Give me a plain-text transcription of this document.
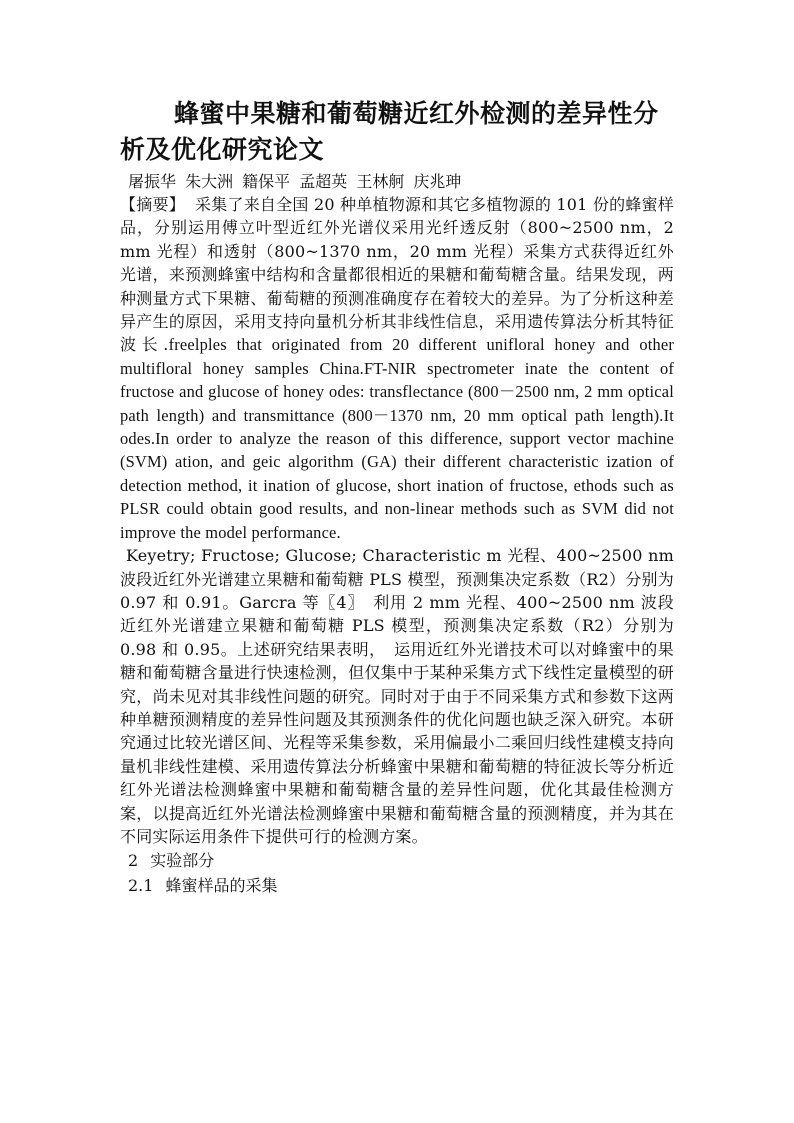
蜂蜜中果糖和葡萄糖近红外检测的差异性分析及优化研究论文

屠振华 朱大洲 籍保平 孟超英 王林舸 庆兆珅

【摘要】 采集了来自全国 20 种单植物源和其它多植物源的 101 份的蜂蜜样品，分别运用傅立叶型近红外光谱仪采用光纤透反射（800~2500 nm，2 mm 光程）和透射（800~1370 nm，20 mm 光程）采集方式获得近红外光谱，来预测蜂蜜中结构和含量都很相近的果糖和葡萄糖含量。结果发现，两种测量方式下果糖、葡萄糖的预测准确度存在着较大的差异。为了分析这种差异产生的原因，采用支持向量机分析其非线性信息，采用遗传算法分析其特征波长.freelples that originated from 20 different unifloral honey and other multifloral honey samples China.FT-NIR spectrometer inate the content of fructose and glucose of honey odes: transflectance (800－2500 nm, 2 mm optical path length) and transmittance (800－1370 nm, 20 mm optical path length).It odes.In order to analyze the reason of this difference, support vector machine (SVM) ation, and geic algorithm (GA) their different characteristic ization of detection method, it ination of glucose, short ination of fructose, ethods such as PLSR could obtain good results, and non-linear methods such as SVM did not improve the model performance.

Keyetry; Fructose; Glucose; Characteristic m 光程、400~2500 nm 波段近红外光谱建立果糖和葡萄糖 PLS 模型，预测集决定系数（R2）分别为 0.97 和 0.91。Garcra 等〖4〗　利用 2 mm 光程、400~2500 nm 波段近红外光谱建立果糖和葡萄糖 PLS 模型，预测集决定系数（R2）分别为 0.98 和 0.95。上述研究结果表明，　运用近红外光谱技术可以对蜂蜜中的果糖和葡萄糖含量进行快速检测，但仅集中于某种采集方式下线性定量模型的研究，尚未见对其非线性问题的研究。同时对于由于不同采集方式和参数下这两种单糖预测精度的差异性问题及其预测条件的优化问题也缺乏深入研究。本研究通过比较光谱区间、光程等采集参数，采用偏最小二乘回归线性建模支持向量机非线性建模、采用遗传算法分析蜂蜜中果糖和葡萄糖的特征波长等分析近红外光谱法检测蜂蜜中果糖和葡萄糖含量的差异性问题，优化其最佳检测方案，以提高近红外光谱法检测蜂蜜中果糖和葡萄糖含量的预测精度，并为其在不同实际运用条件下提供可行的检测方案。

2 实验部分
2.1 蜂蜜样品的采集
